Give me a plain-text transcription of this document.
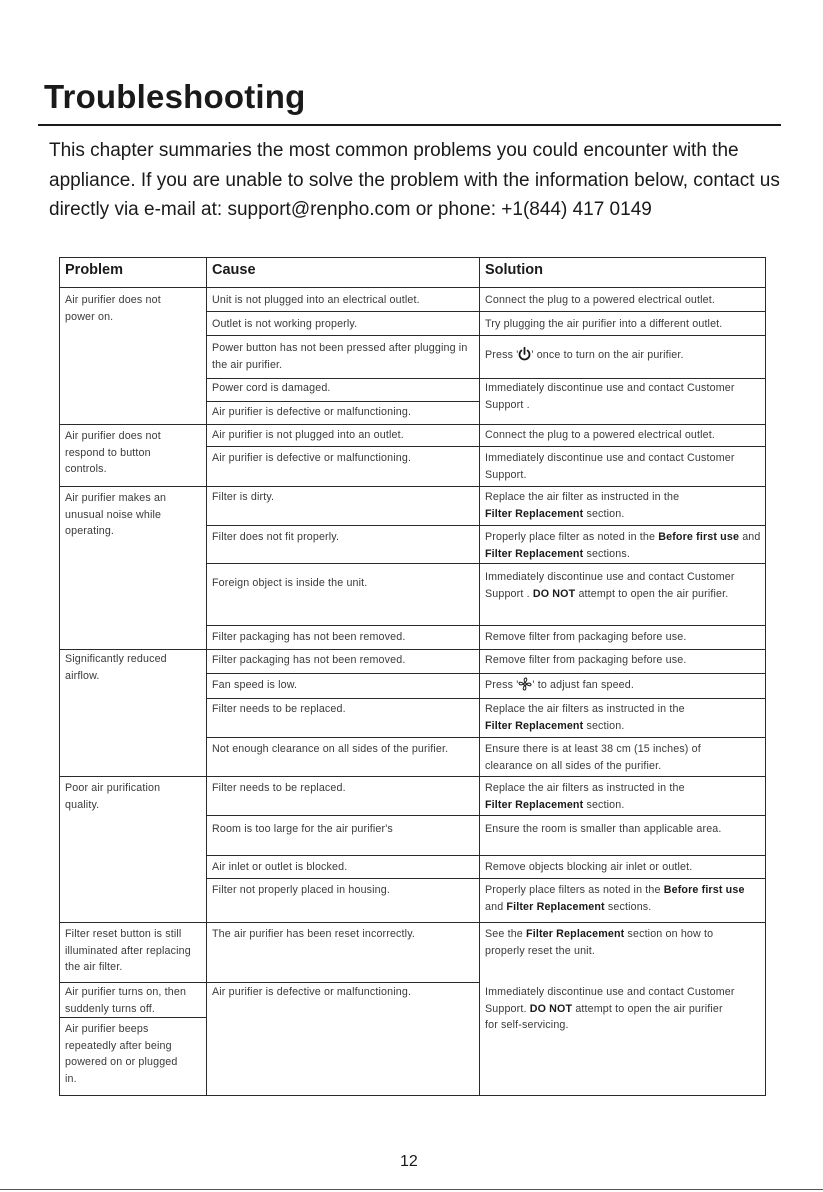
Troubleshooting
This chapter summaries the most common problems you could encounter with the appliance. If you are unable to solve the problem with the information below, contact us directly via e-mail at: support@renpho.com or phone: +1(844) 417 0149
Problem	Cause	Solution
Air purifier does not power on.
Air purifier does not respond to button controls.
Air purifier makes an unusual noise while operating.
Significantly reduced airflow.
Poor air purification quality.
Filter reset button is still illuminated after replacing the air filter.
Air purifier turns on, then suddenly turns off.
Air purifier beeps repeatedly after being powered on or plugged in.
Unit is not plugged into an electrical outlet.
Outlet is not working properly.
Power button has not been pressed after plugging in the air purifier.
Power cord is damaged.
Air purifier is defective or malfunctioning.
Air purifier is not plugged into an outlet.
Air purifier is defective or malfunctioning.
Filter is dirty.
Filter does not fit properly.
Foreign object is inside the unit.
Filter packaging has not been removed.
Filter packaging has not been removed.
Fan speed is low.
Filter needs to be replaced.
Not enough clearance on all sides of the purifier.
Filter needs to be replaced.
Room is too large for the air purifier's
Air inlet or outlet is blocked.
Filter not properly placed in housing.
The air purifier has been reset incorrectly.
Air purifier is defective or malfunctioning.
Connect the plug to a powered electrical outlet.
Try plugging the air purifier into a different outlet.
Press ' ' once to turn on the air purifier.
Immediately discontinue use and contact Customer Support .
Connect the plug to a powered electrical outlet.
Immediately discontinue use and contact Customer Support.
Replace the air filter as instructed in the
Filter Replacement section.
Properly place filter as noted in the Before first use and Filter Replacement sections.
Immediately discontinue use and contact Customer Support . DO NOT attempt to open the air purifier.
Remove filter from packaging before use.
Remove filter from packaging before use.
Press ' ' to adjust fan speed.
Replace the air filters as instructed in the
Filter Replacement section.
Ensure there is at least 38 cm (15 inches) of clearance on all sides of the purifier.
Replace the air filters as instructed in the
Filter Replacement section.
Ensure the room is smaller than applicable area.
Remove objects blocking air inlet or outlet.
Properly place filters as noted in the Before first use and Filter Replacement sections.
See the Filter Replacement section on how to properly reset the unit.
Immediately discontinue use and contact Customer Support. DO NOT attempt to open the air purifier for self-servicing.
12
